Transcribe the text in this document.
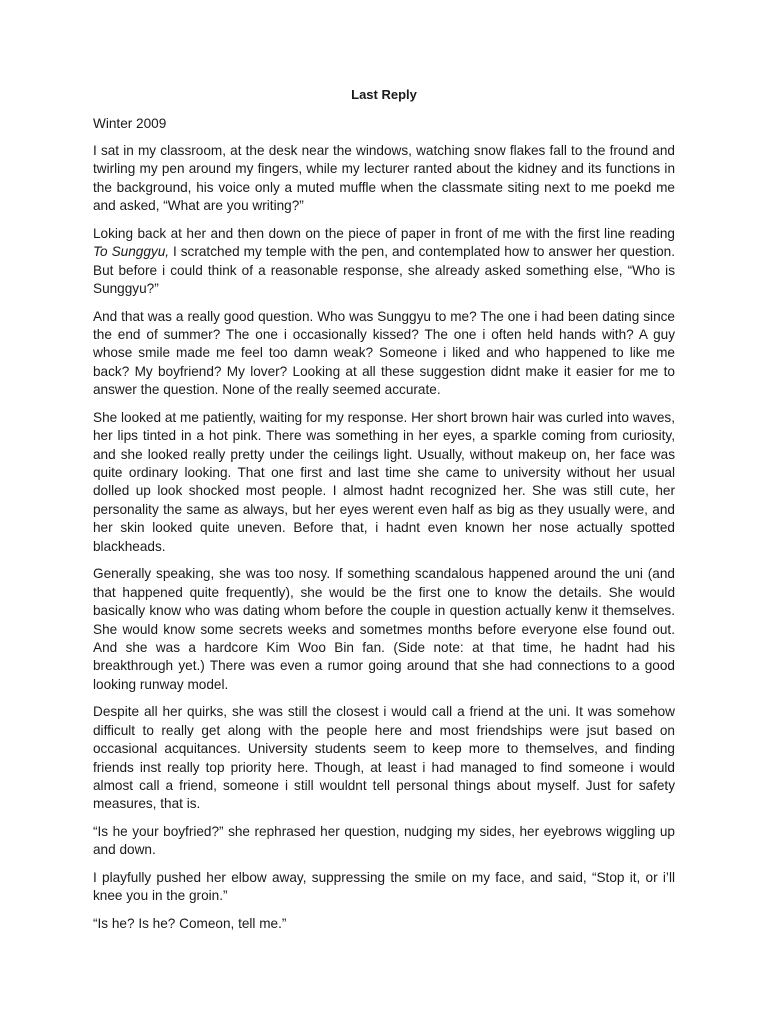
Last Reply
Winter 2009

I sat in my classroom, at the desk near the windows, watching snow flakes fall to the fround and twirling my pen around my fingers, while my lecturer ranted about the kidney and its functions in the background, his voice only a muted muffle when the classmate siting next to me poekd me and asked, “What are you writing?”

Loking back at her and then down on the piece of paper in front of me with the first line reading To Sunggyu, I scratched my temple with the pen, and contemplated how to answer her question. But before i could think of a reasonable response, she already asked something else, “Who is Sunggyu?”

And that was a really good question. Who was Sunggyu to me? The one i had been dating since the end of summer? The one i occasionally kissed? The one i often held hands with? A guy whose smile made me feel too damn weak? Someone i liked and who happened to like me back? My boyfriend? My lover? Looking at all these suggestion didnt make it easier for me to answer the question. None of the really seemed accurate.

She looked at me patiently, waiting for my response. Her short brown hair was curled into waves, her lips tinted in a hot pink. There was something in her eyes, a sparkle coming from curiosity, and she looked really pretty under the ceilings light. Usually, without makeup on, her face was quite ordinary looking. That one first and last time she came to university without her usual dolled up look shocked most people. I almost hadnt recognized her. She was still cute, her personality the same as always, but her eyes werent even half as big as they usually were, and her skin looked quite uneven. Before that, i hadnt even known her nose actually spotted blackheads.

Generally speaking, she was too nosy. If something scandalous happened around the uni (and that happened quite frequently), she would be the first one to know the details. She would basically know who was dating whom before the couple in question actually kenw it themselves. She would know some secrets weeks and sometmes months before everyone else found out. And she was a hardcore Kim Woo Bin fan. (Side note: at that time, he hadnt had his breakthrough yet.) There was even a rumor going around that she had connections to a good looking runway model.

Despite all her quirks, she was still the closest i would call a friend at the uni. It was somehow difficult to really get along with the people here and most friendships were jsut based on occasional acquitances. University students seem to keep more to themselves, and finding friends inst really top priority here. Though, at least i had managed to find someone i would almost call a friend, someone i still wouldnt tell personal things about myself. Just for safety measures, that is.

“Is he your boyfried?” she rephrased her question, nudging my sides, her eyebrows wiggling up and down.

I playfully pushed her elbow away, suppressing the smile on my face, and said, “Stop it, or i’ll knee you in the groin.”

“Is he? Is he? Comeon, tell me.”
